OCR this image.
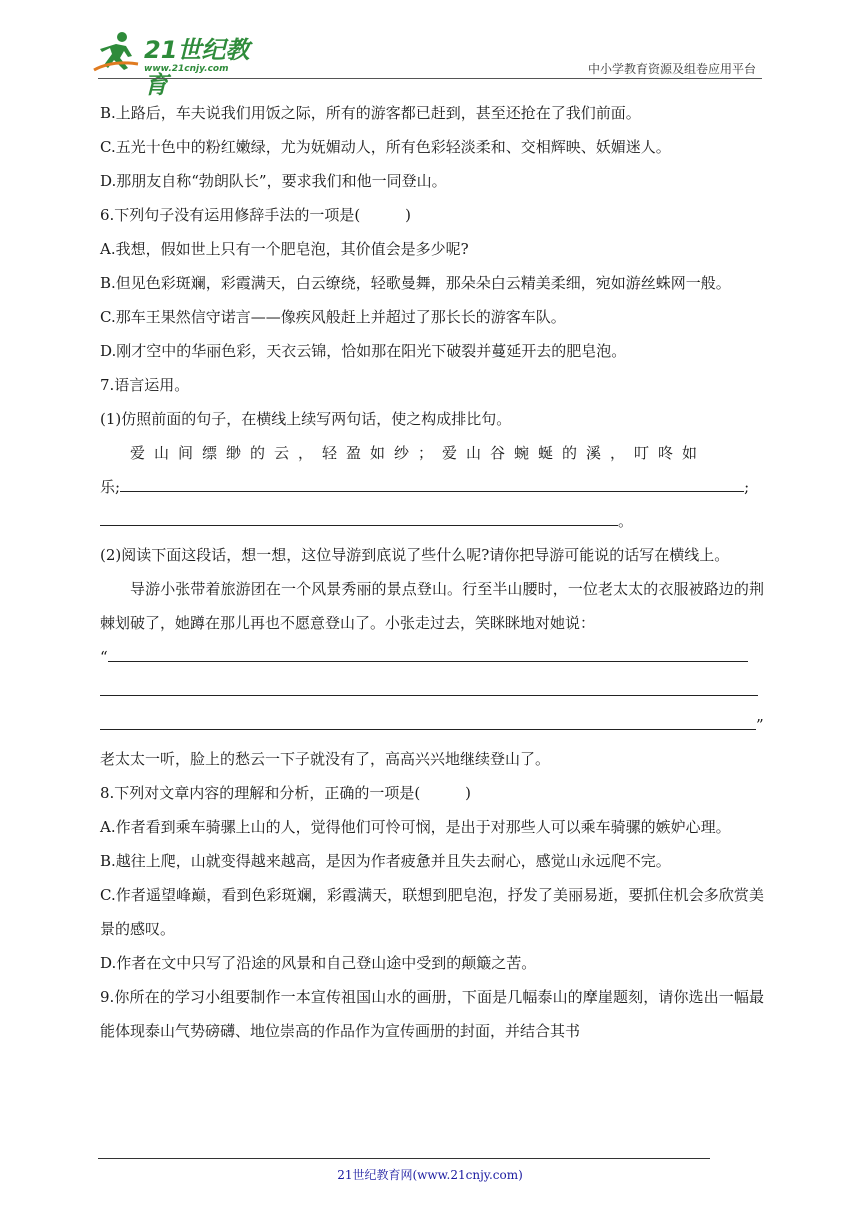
21世纪教育
www.21cnjy.com	中小学教育资源及组卷应用平台
B.上路后，车夫说我们用饭之际，所有的游客都已赶到，甚至还抢在了我们前面。
C.五光十色中的粉红嫩绿，尤为妩媚动人，所有色彩轻淡柔和、交相辉映、妖媚迷人。
D.那朋友自称“勃朗队长”，要求我们和他一同登山。
6.下列句子没有运用修辞手法的一项是(　　　)
A.我想，假如世上只有一个肥皂泡，其价值会是多少呢?
B.但见色彩斑斓，彩霞满天，白云缭绕，轻歌曼舞，那朵朵白云精美柔细，宛如游丝蛛网一般。
C.那车王果然信守诺言——像疾风般赶上并超过了那长长的游客车队。
D.刚才空中的华丽色彩，天衣云锦，恰如那在阳光下破裂并蔓延开去的肥皂泡。
7.语言运用。
(1)仿照前面的句子，在横线上续写两句话，使之构成排比句。
爱山间缥缈的云，轻盈如纱；爱山谷蜿蜒的溪，叮咚如
乐;	;
。
(2)阅读下面这段话，想一想，这位导游到底说了些什么呢?请你把导游可能说的话写在横线上。
导游小张带着旅游团在一个风景秀丽的景点登山。行至半山腰时，一位老太太的衣服被路边的荆棘划破了，她蹲在那儿再也不愿意登山了。小张走过去，笑眯眯地对她说：
“
”
老太太一听，脸上的愁云一下子就没有了，高高兴兴地继续登山了。
8.下列对文章内容的理解和分析，正确的一项是(　　　)
A.作者看到乘车骑骡上山的人，觉得他们可怜可悯，是出于对那些人可以乘车骑骡的嫉妒心理。
B.越往上爬，山就变得越来越高，是因为作者疲惫并且失去耐心，感觉山永远爬不完。
C.作者遥望峰巅，看到色彩斑斓，彩霞满天，联想到肥皂泡，抒发了美丽易逝，要抓住机会多欣赏美景的感叹。
D.作者在文中只写了沿途的风景和自己登山途中受到的颠簸之苦。
9.你所在的学习小组要制作一本宣传祖国山水的画册，下面是几幅泰山的摩崖题刻，请你选出一幅最能体现泰山气势磅礴、地位崇高的作品作为宣传画册的封面，并结合其书
21世纪教育网(www.21cnjy.com)
